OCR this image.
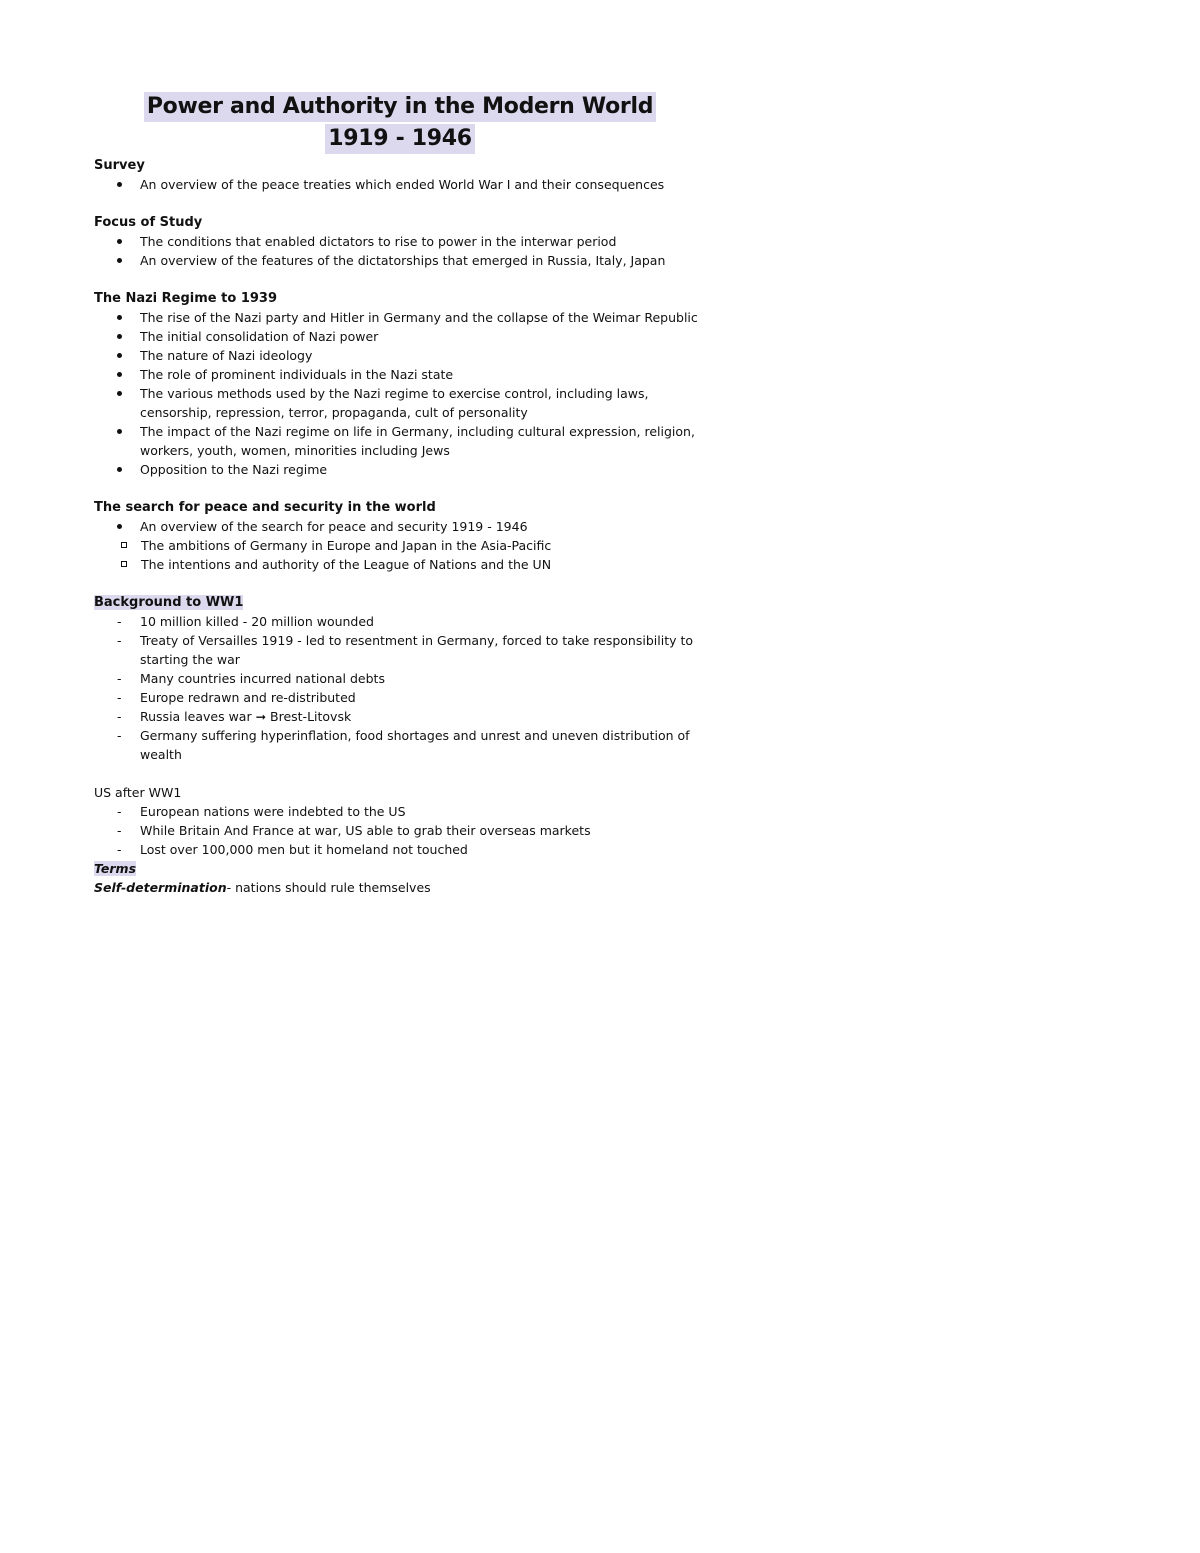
Power and Authority in the Modern World
1919 - 1946
Survey
An overview of the peace treaties which ended World War I and their consequences
Focus of Study
The conditions that enabled dictators to rise to power in the interwar period
An overview of the features of the dictatorships that emerged in Russia, Italy, Japan
The Nazi Regime to 1939
The rise of the Nazi party and Hitler in Germany and the collapse of the Weimar Republic
The initial consolidation of Nazi power
The nature of Nazi ideology
The role of prominent individuals in the Nazi state
The various methods used by the Nazi regime to exercise control, including laws, censorship, repression, terror, propaganda, cult of personality
The impact of the Nazi regime on life in Germany, including cultural expression, religion, workers, youth, women, minorities including Jews
Opposition to the Nazi regime
The search for peace and security in the world
An overview of the search for peace and security 1919 - 1946
The ambitions of Germany in Europe and Japan in the Asia-Pacific
The intentions and authority of the League of Nations and the UN
Background to WW1
- 10 million killed - 20 million wounded
- Treaty of Versailles 1919 - led to resentment in Germany, forced to take responsibility to starting the war
- Many countries incurred national debts
- Europe redrawn and re-distributed
- Russia leaves war ➞ Brest-Litovsk
- Germany suffering hyperinflation, food shortages and unrest and uneven distribution of wealth
US after WW1
- European nations were indebted to the US
- While Britain And France at war, US able to grab their overseas markets
- Lost over 100,000 men but it homeland not touched
Terms
Self-determination- nations should rule themselves
